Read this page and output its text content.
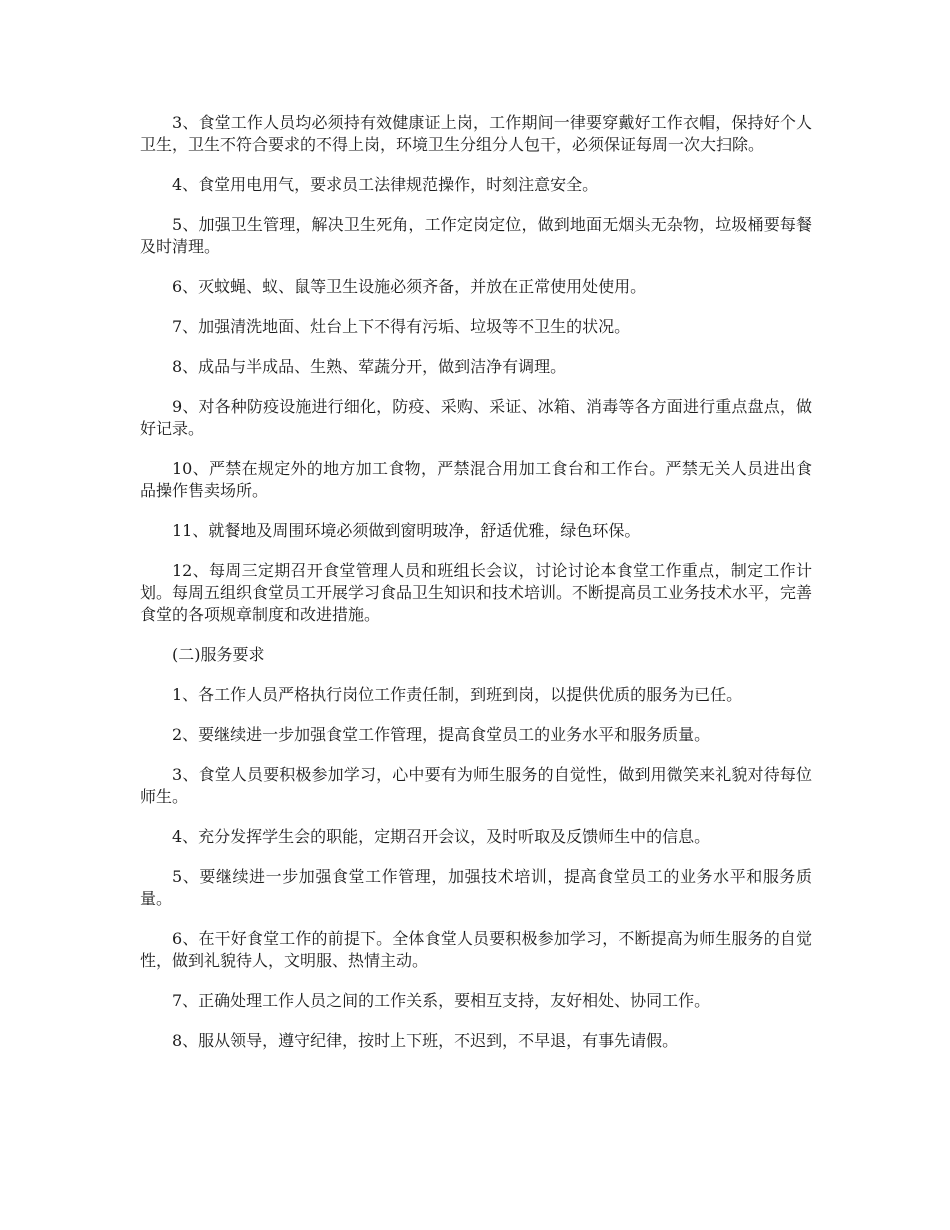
3、食堂工作人员均必须持有效健康证上岗，工作期间一律要穿戴好工作衣帽，保持好个人卫生，卫生不符合要求的不得上岗，环境卫生分组分人包干，必须保证每周一次大扫除。

4、食堂用电用气，要求员工法律规范操作，时刻注意安全。

5、加强卫生管理，解决卫生死角，工作定岗定位，做到地面无烟头无杂物，垃圾桶要每餐及时清理。

6、灭蚊蝇、蚁、鼠等卫生设施必须齐备，并放在正常使用处使用。

7、加强清洗地面、灶台上下不得有污垢、垃圾等不卫生的状况。

8、成品与半成品、生熟、荤蔬分开，做到洁净有调理。

9、对各种防疫设施进行细化，防疫、采购、采证、冰箱、消毒等各方面进行重点盘点，做好记录。

10、严禁在规定外的地方加工食物，严禁混合用加工食台和工作台。严禁无关人员进出食品操作售卖场所。

11、就餐地及周围环境必须做到窗明玻净，舒适优雅，绿色环保。

12、每周三定期召开食堂管理人员和班组长会议，讨论讨论本食堂工作重点，制定工作计划。每周五组织食堂员工开展学习食品卫生知识和技术培训。不断提高员工业务技术水平，完善食堂的各项规章制度和改进措施。

(二)服务要求

1、各工作人员严格执行岗位工作责任制，到班到岗，以提供优质的服务为已任。

2、要继续进一步加强食堂工作管理，提高食堂员工的业务水平和服务质量。

3、食堂人员要积极参加学习，心中要有为师生服务的自觉性，做到用微笑来礼貌对待每位师生。

4、充分发挥学生会的职能，定期召开会议，及时听取及反馈师生中的信息。

5、要继续进一步加强食堂工作管理，加强技术培训，提高食堂员工的业务水平和服务质量。

6、在干好食堂工作的前提下。全体食堂人员要积极参加学习，不断提高为师生服务的自觉性，做到礼貌待人，文明服、热情主动。

7、正确处理工作人员之间的工作关系，要相互支持，友好相处、协同工作。

8、服从领导，遵守纪律，按时上下班，不迟到，不早退，有事先请假。
